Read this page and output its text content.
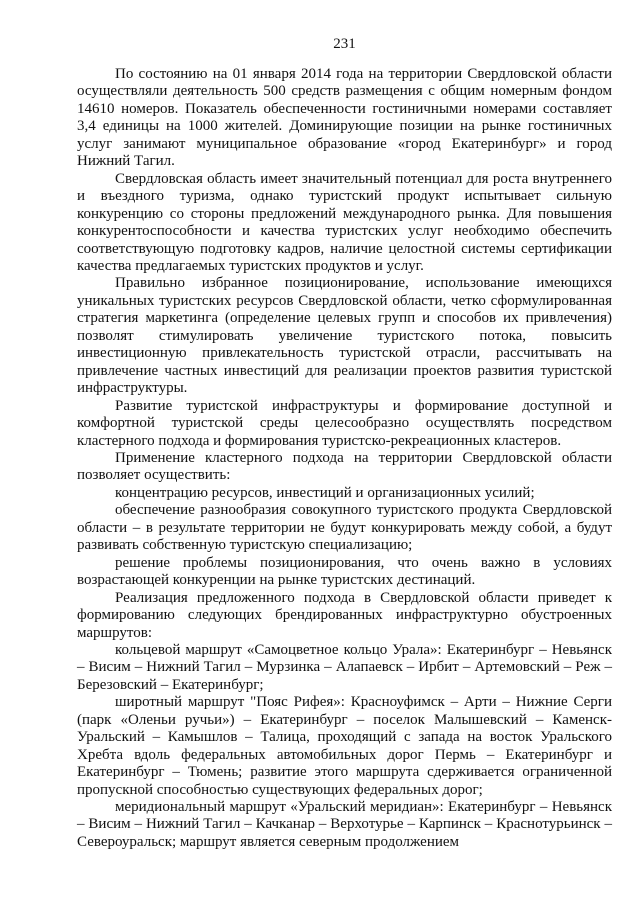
231

По состоянию на 01 января 2014 года на территории Свердловской области осуществляли деятельность 500 средств размещения с общим номерным фондом 14610 номеров. Показатель обеспеченности гостиничными номерами составляет 3,4 единицы на 1000 жителей. Доминирующие позиции на рынке гостиничных услуг занимают муниципальное образование «город Екатеринбург» и город Нижний Тагил.

Свердловская область имеет значительный потенциал для роста внутреннего и въездного туризма, однако туристский продукт испытывает сильную конкуренцию со стороны предложений международного рынка. Для повышения конкурентоспособности и качества туристских услуг необходимо обеспечить соответствующую подготовку кадров, наличие целостной системы сертификации качества предлагаемых туристских продуктов и услуг.

Правильно избранное позиционирование, использование имеющихся уникальных туристских ресурсов Свердловской области, четко сформулированная стратегия маркетинга (определение целевых групп и способов их привлечения) позволят стимулировать увеличение туристского потока, повысить инвестиционную привлекательность туристской отрасли, рассчитывать на привлечение частных инвестиций для реализации проектов развития туристской инфраструктуры.

Развитие туристской инфраструктуры и формирование доступной и комфортной туристской среды целесообразно осуществлять посредством кластерного подхода и формирования туристско-рекреационных кластеров.

Применение кластерного подхода на территории Свердловской области позволяет осуществить:

концентрацию ресурсов, инвестиций и организационных усилий;

обеспечение разнообразия совокупного туристского продукта Свердловской области – в результате территории не будут конкурировать между собой, а будут развивать собственную туристскую специализацию;

решение проблемы позиционирования, что очень важно в условиях возрастающей конкуренции на рынке туристских дестинаций.

Реализация предложенного подхода в Свердловской области приведет к формированию следующих брендированных инфраструктурно обустроенных маршрутов:

кольцевой маршрут «Самоцветное кольцо Урала»: Екатеринбург – Невьянск – Висим – Нижний Тагил – Мурзинка – Алапаевск – Ирбит – Артемовский – Реж – Березовский – Екатеринбург;

широтный маршрут "Пояс Рифея»: Красноуфимск – Арти – Нижние Серги (парк «Оленьи ручьи») – Екатеринбург – поселок Малышевский – Каменск-Уральский – Камышлов – Талица, проходящий с запада на восток Уральского Хребта вдоль федеральных автомобильных дорог Пермь – Екатеринбург и Екатеринбург – Тюмень; развитие этого маршрута сдерживается ограниченной пропускной способностью существующих федеральных дорог;

меридиональный маршрут «Уральский меридиан»: Екатеринбург – Невьянск – Висим – Нижний Тагил – Качканар – Верхотурье – Карпинск – Краснотурьинск – Североуральск; маршрут является северным продолжением
